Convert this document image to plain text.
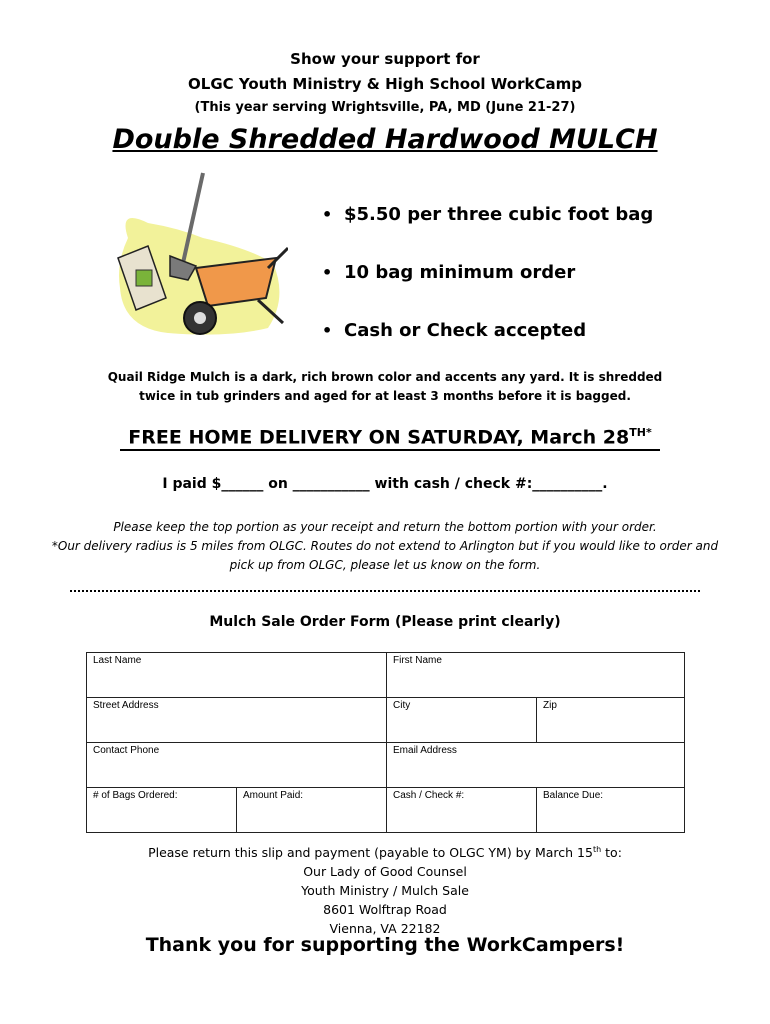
Show your support for
OLGC Youth Ministry & High School WorkCamp
(This year serving Wrightsville, PA, MD (June 21-27)
Double Shredded Hardwood MULCH
• $5.50 per three cubic foot bag
• 10 bag minimum order
• Cash or Check accepted
Quail Ridge Mulch is a dark, rich brown color and accents any yard. It is shredded twice in tub grinders and aged for at least 3 months before it is bagged.
FREE HOME DELIVERY ON SATURDAY, March $28^{TH*}$
I paid $______ on ___________ with cash / check #:__________.
Please keep the top portion as your receipt and return the bottom portion with your order.
*Our delivery radius is 5 miles from OLGC. Routes do not extend to Arlington but if you would like to order and pick up from OLGC, please let us know on the form.
Mulch Sale Order Form (Please print clearly)
Last Name		First Name	
Street Address		City	Zip
Contact Phone		Email Address	
# of Bags Ordered:	Amount Paid:	Cash / Check #:	Balance Due:
Please return this slip and payment (payable to OLGC YM) by March 15th to:
Our Lady of Good Counsel
Youth Ministry / Mulch Sale
8601 Wolftrap Road
Vienna, VA 22182
Thank you for supporting the WorkCampers!
